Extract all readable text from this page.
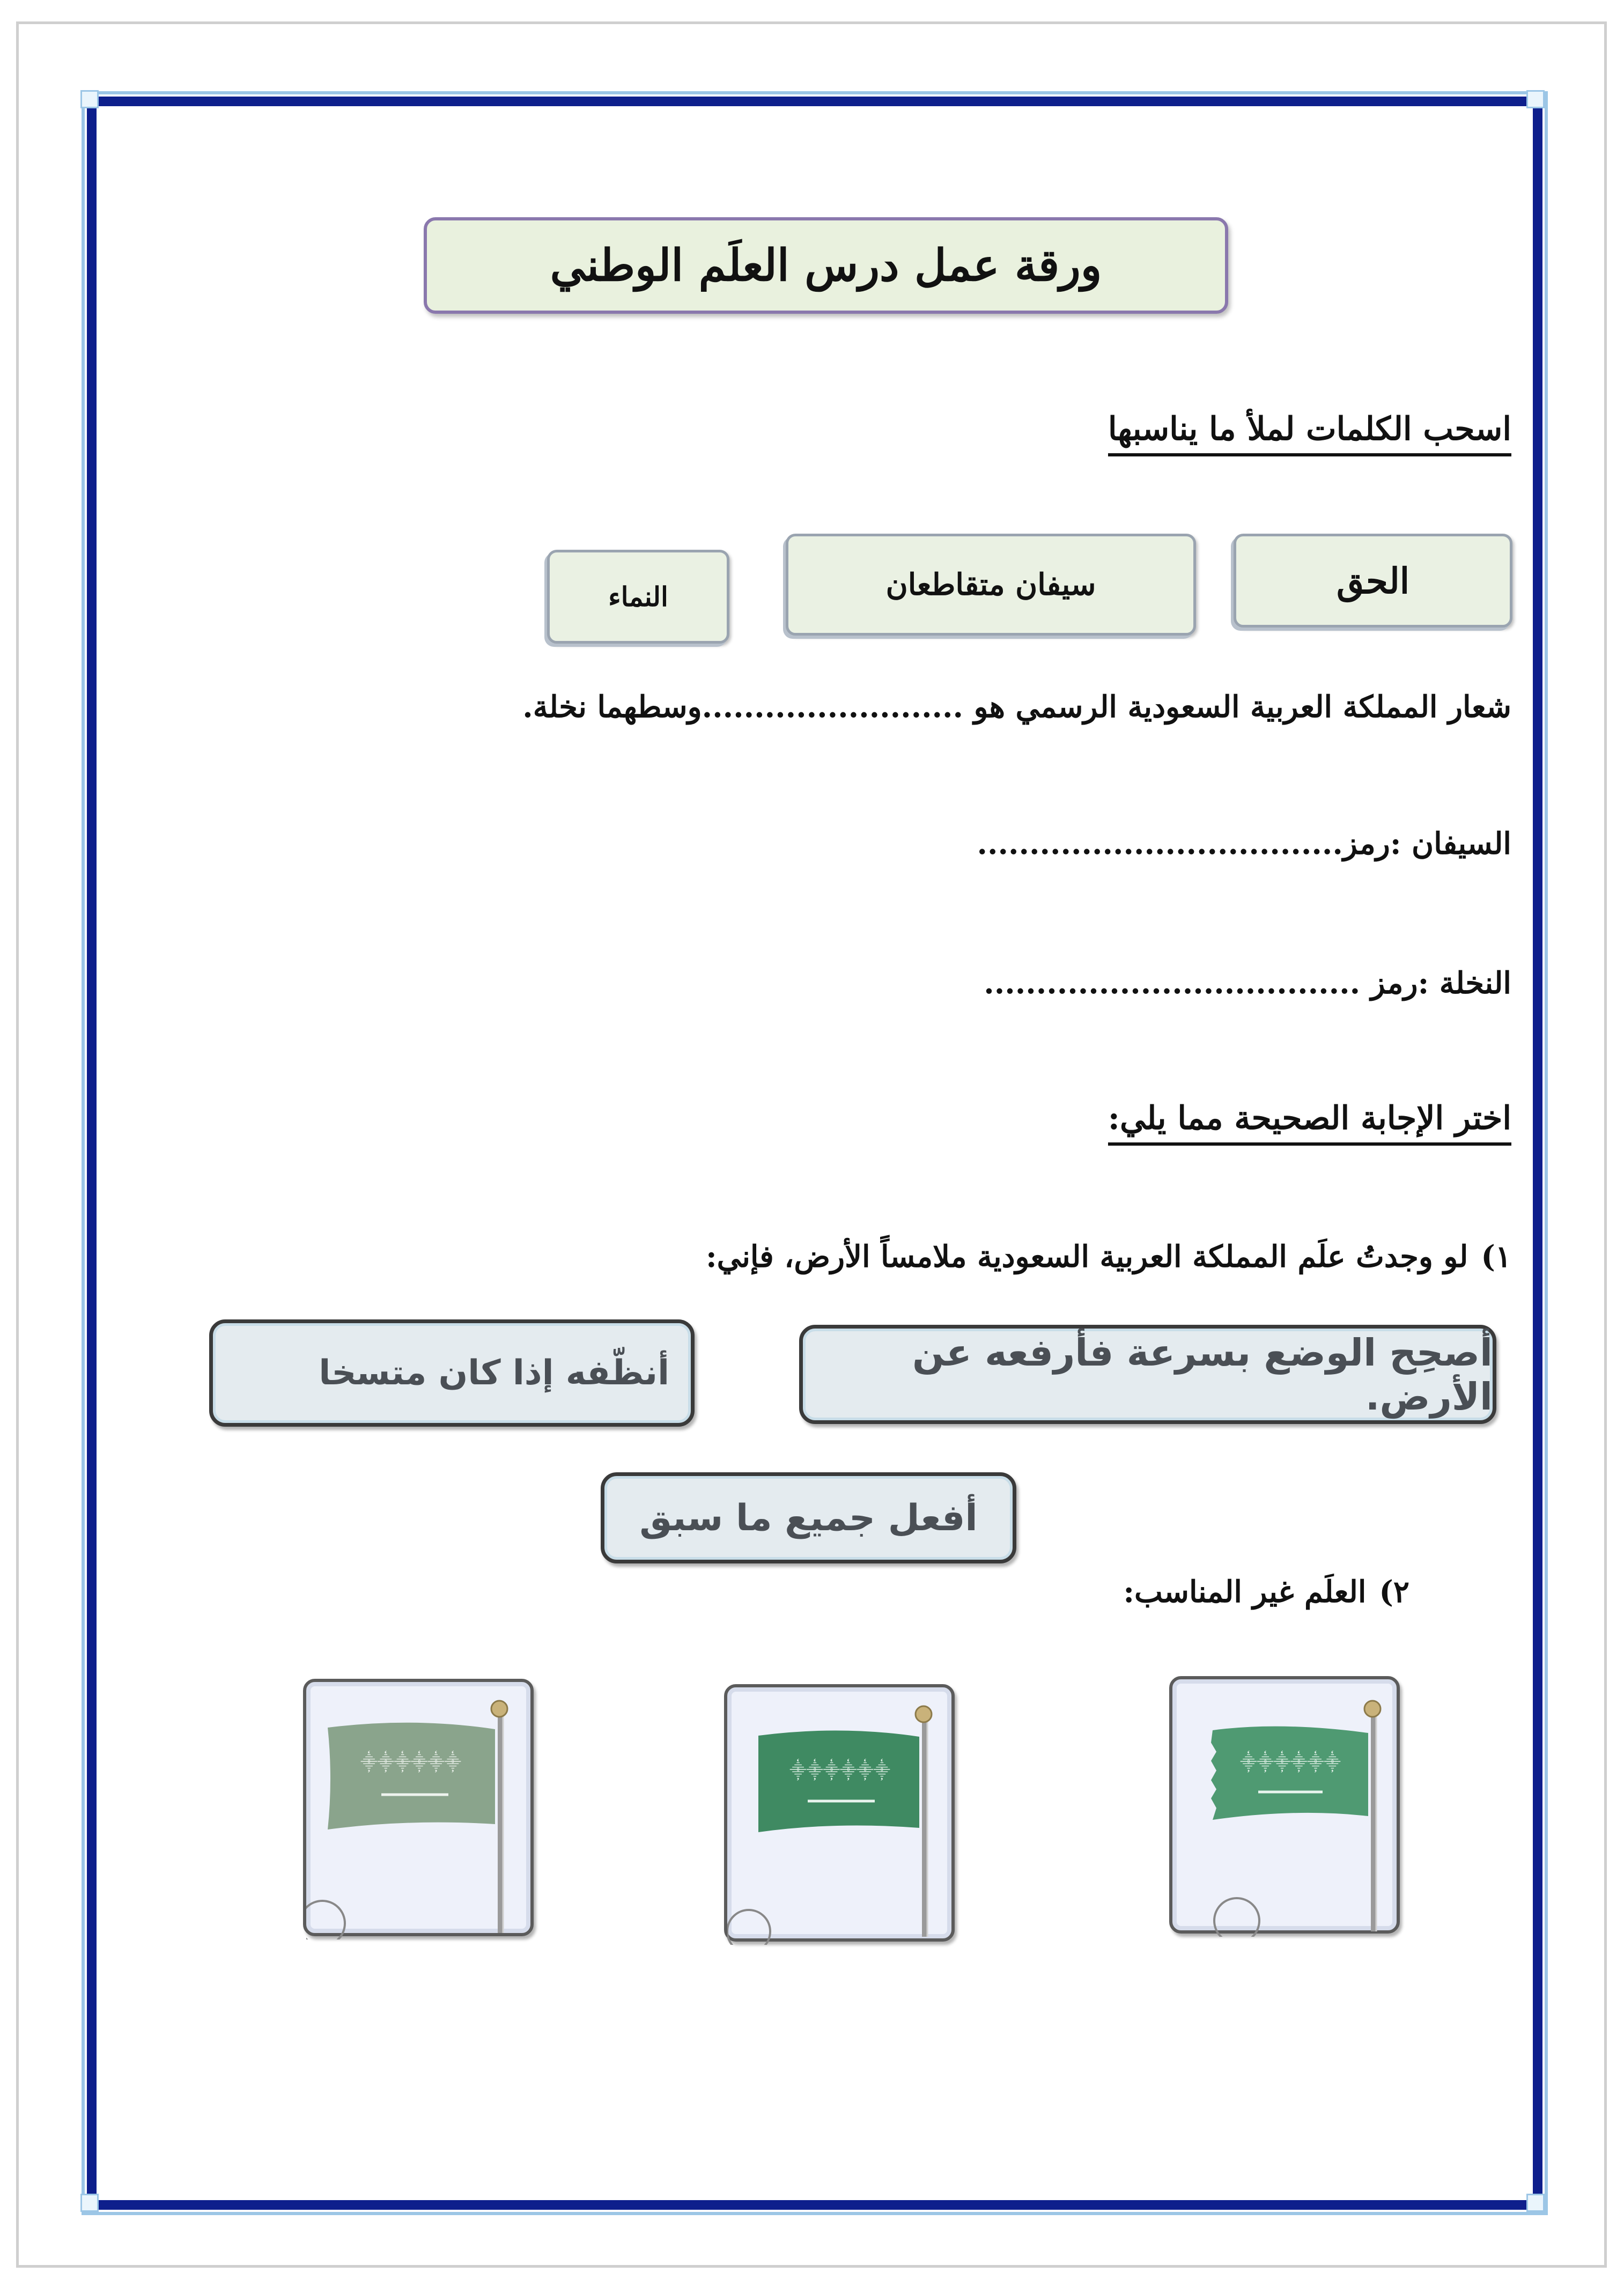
ورقة عمل درس العلَم الوطني
اسحب الكلمات لملأ ما يناسبها
الحق
سيفان متقاطعان
النماء
شعار المملكة العربية السعودية الرسمي هو .........................وسطهما نخلة.
السيفان :رمز...................................
النخلة :رمز ....................................
اختر الإجابة الصحيحة مما يلي:
١)
لو وجدتُ علَم المملكة العربية السعودية ملامساً الأرض، فإني:
أصحِح الوضع بسرعة فأرفعه عن الأرض.
أنظّفه إذا كان متسخا
أفعل جميع ما سبق
٢)
العلَم غير المناسب:
⸎⸎⸎⸎⸎⸎
⸎⸎⸎⸎⸎⸎
⸎⸎⸎⸎⸎⸎
